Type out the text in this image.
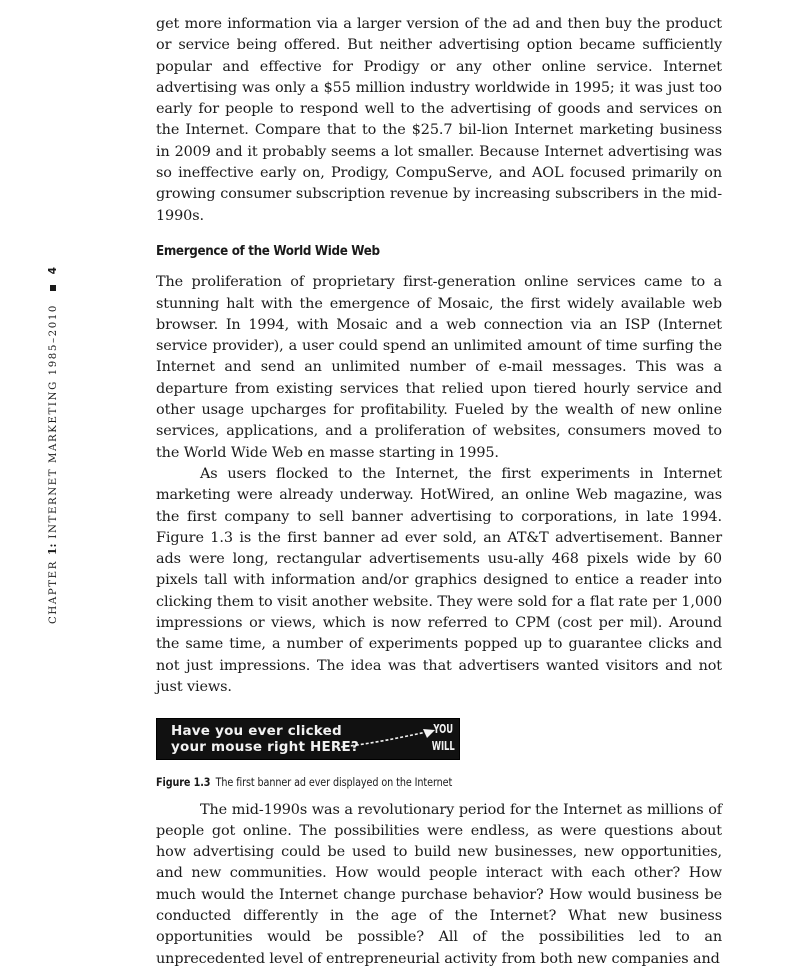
CHAPTER 1: INTERNET MARKETING 1985–2010  4

get more information via a larger version of the ad and then buy the product or service being offered. But neither advertising option became sufficiently popular and effective for Prodigy or any other online service. Internet advertising was only a $55 million industry worldwide in 1995; it was just too early for people to respond well to the advertising of goods and services on the Internet. Compare that to the $25.7 bil-lion Internet marketing business in 2009 and it probably seems a lot smaller. Because Internet advertising was so ineffective early on, Prodigy, CompuServe, and AOL focused primarily on growing consumer subscription revenue by increasing subscribers in the mid-1990s.

Emergence of the World Wide Web

The proliferation of proprietary first-generation online services came to a stunning halt with the emergence of Mosaic, the first widely available web browser. In 1994, with Mosaic and a web connection via an ISP (Internet service provider), a user could spend an unlimited amount of time surfing the Internet and send an unlimited number of e-mail messages. This was a departure from existing services that relied upon tiered hourly service and other usage upcharges for profitability. Fueled by the wealth of new online services, applications, and a proliferation of websites, consumers moved to the World Wide Web en masse starting in 1995.

As users flocked to the Internet, the first experiments in Internet marketing were already underway. HotWired, an online Web magazine, was the first company to sell banner advertising to corporations, in late 1994. Figure 1.3 is the first banner ad ever sold, an AT&T advertisement. Banner ads were long, rectangular advertisements usu-ally 468 pixels wide by 60 pixels tall with information and/or graphics designed to entice a reader into clicking them to visit another website. They were sold for a flat rate per 1,000 impressions or views, which is now referred to CPM (cost per mil). Around the same time, a number of experiments popped up to guarantee clicks and not just impressions. The idea was that advertisers wanted visitors and not just views.

Have you ever clicked
your mouse right HERE?
YOU
WILL
Figure 1.3 The first banner ad ever displayed on the Internet

The mid-1990s was a revolutionary period for the Internet as millions of people got online. The possibilities were endless, as were questions about how advertising could be used to build new businesses, new opportunities, and new communities. How would people interact with each other? How much would the Internet change purchase behavior? How would business be conducted differently in the age of the Internet? What new business opportunities would be possible? All of the possibilities led to an unprecedented level of entrepreneurial activity from both new companies and
